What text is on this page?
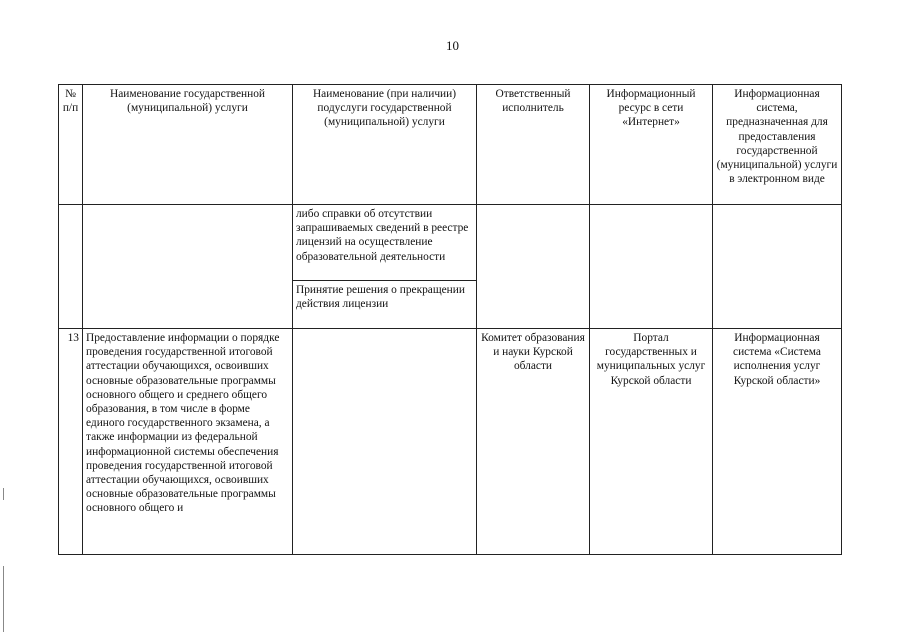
10
№ п/п	Наименование государственной (муниципальной) услуги	Наименование (при наличии) подуслуги государственной (муниципальной) услуги	Ответственный исполнитель	Информационный ресурс в сети «Интернет»	Информационная система, предназначенная для предоставления государственной (муниципальной) услуги в электронном виде
		либо справки об отсутствии запрашиваемых сведений в реестре лицензий на осуществление образовательной деятельности			
		Принятие решения о прекращении действия лицензии			
13	Предоставление информации о порядке проведения государственной итоговой аттестации обучающихся, освоивших основные образовательные программы основного общего и среднего общего образования, в том числе в форме единого государственного экзамена, а также информации из федеральной информационной системы обеспечения проведения государственной итоговой аттестации обучающихся, освоивших основные образовательные программы основного общего и		Комитет образования и науки Курской области	Портал государственных и муниципальных услуг Курской области	Информационная система «Система исполнения услуг Курской области»
